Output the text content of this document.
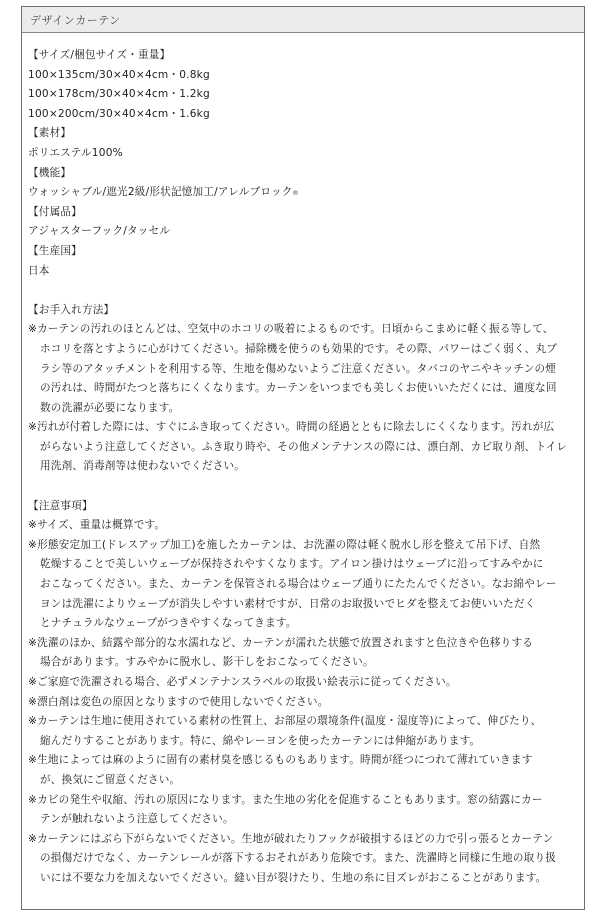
デザインカーテン
【サイズ/梱包サイズ・重量】
100×135cm/30×40×4cm・0.8kg
100×178cm/30×40×4cm・1.2kg
100×200cm/30×40×4cm・1.6kg
【素材】
ポリエステル100%
【機能】
ウォッシャブル/遮光2級/形状記憶加工/アレルブロック®
【付属品】
アジャスターフック/タッセル
【生産国】
日本
【お手入れ方法】
※カーテンの汚れのほとんどは、空気中のホコリの吸着によるものです。日頃からこまめに軽く振る等して、
ホコリを落とすように心がけてください。掃除機を使うのも効果的です。その際、パワーはごく弱く、丸ブ
ラシ等のアタッチメントを利用する等、生地を傷めないようご注意ください。タバコのヤニやキッチンの煙
の汚れは、時間がたつと落ちにくくなります。カーテンをいつまでも美しくお使いいただくには、適度な回
数の洗濯が必要になります。
※汚れが付着した際には、すぐにふき取ってください。時間の経過とともに除去しにくくなります。汚れが広
がらないよう注意してください。ふき取り時や、その他メンテナンスの際には、漂白剤、カビ取り剤、トイレ
用洗剤、消毒剤等は使わないでください。
【注意事項】
※サイズ、重量は概算です。
※形態安定加工(ドレスアップ加工)を施したカーテンは、お洗濯の際は軽く脱水し形を整えて吊下げ、自然
乾燥することで美しいウェーブが保持されやすくなります。アイロン掛けはウェーブに沿ってすみやかに
おこなってください。また、カーテンを保管される場合はウェーブ通りにたたんでください。なお綿やレー
ヨンは洗濯によりウェーブが消失しやすい素材ですが、日常のお取扱いでヒダを整えてお使いいただく
とナチュラルなウェーブがつきやすくなってきます。
※洗濯のほか、結露や部分的な水濡れなど、カーテンが濡れた状態で放置されますと色泣きや色移りする
場合があります。すみやかに脱水し、影干しをおこなってください。
※ご家庭で洗濯される場合、必ずメンテナンスラベルの取扱い絵表示に従ってください。
※漂白剤は変色の原因となりますので使用しないでください。
※カーテンは生地に使用されている素材の性質上、お部屋の環境条件(温度・湿度等)によって、伸びたり、
縮んだりすることがあります。特に、綿やレーヨンを使ったカーテンには伸縮があります。
※生地によっては麻のように固有の素材臭を感じるものもあります。時間が経つにつれて薄れていきます
が、換気にご留意ください。
※カビの発生や収縮、汚れの原因になります。また生地の劣化を促進することもあります。窓の結露にカー
テンが触れないよう注意してください。
※カーテンにはぶら下がらないでください。生地が破れたりフックが破損するほどの力で引っ張るとカーテン
の損傷だけでなく、カーテンレールが落下するおそれがあり危険です。また、洗濯時と同様に生地の取り扱
いには不要な力を加えないでください。縫い目が裂けたり、生地の糸に目ズレがおこることがあります。
